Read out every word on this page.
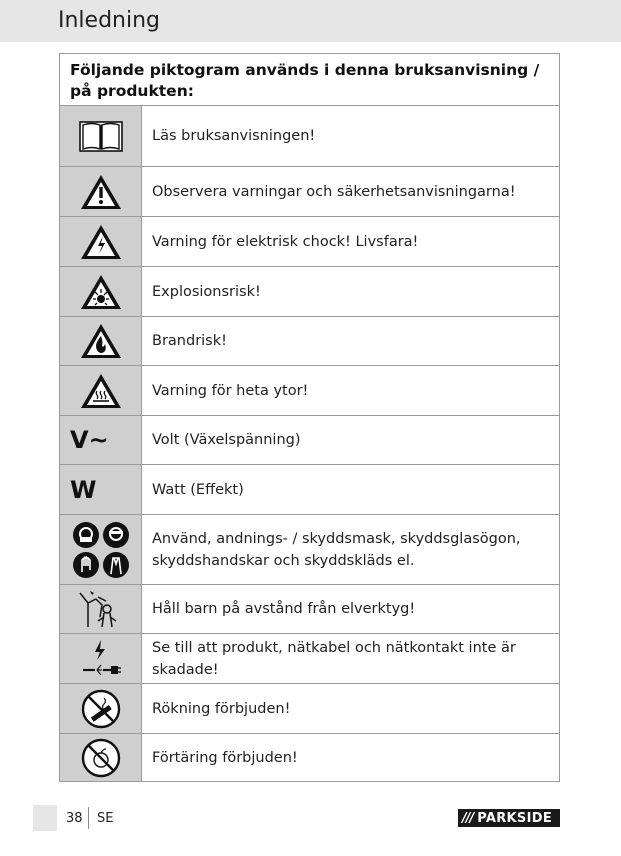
Inledning
Följande piktogram används i denna bruksanvisning / på produkten:
Läs bruksanvisningen!
Observera varningar och säkerhetsanvisningarna!
Varning för elektrisk chock! Livsfara!
Explosionsrisk!
Brandrisk!
Varning för heta ytor!
V~	Volt (Växelspänning)
W	Watt (Effekt)
Använd, andnings- / skyddsmask, skyddsglasögon, skyddshandskar och skyddskläds el.
Håll barn på avstånd från elverktyg!
Se till att produkt, nätkabel och nätkontakt inte är skadade!
Rökning förbjuden!
Förtäring förbjuden!
38 SE	/// PARKSIDE
